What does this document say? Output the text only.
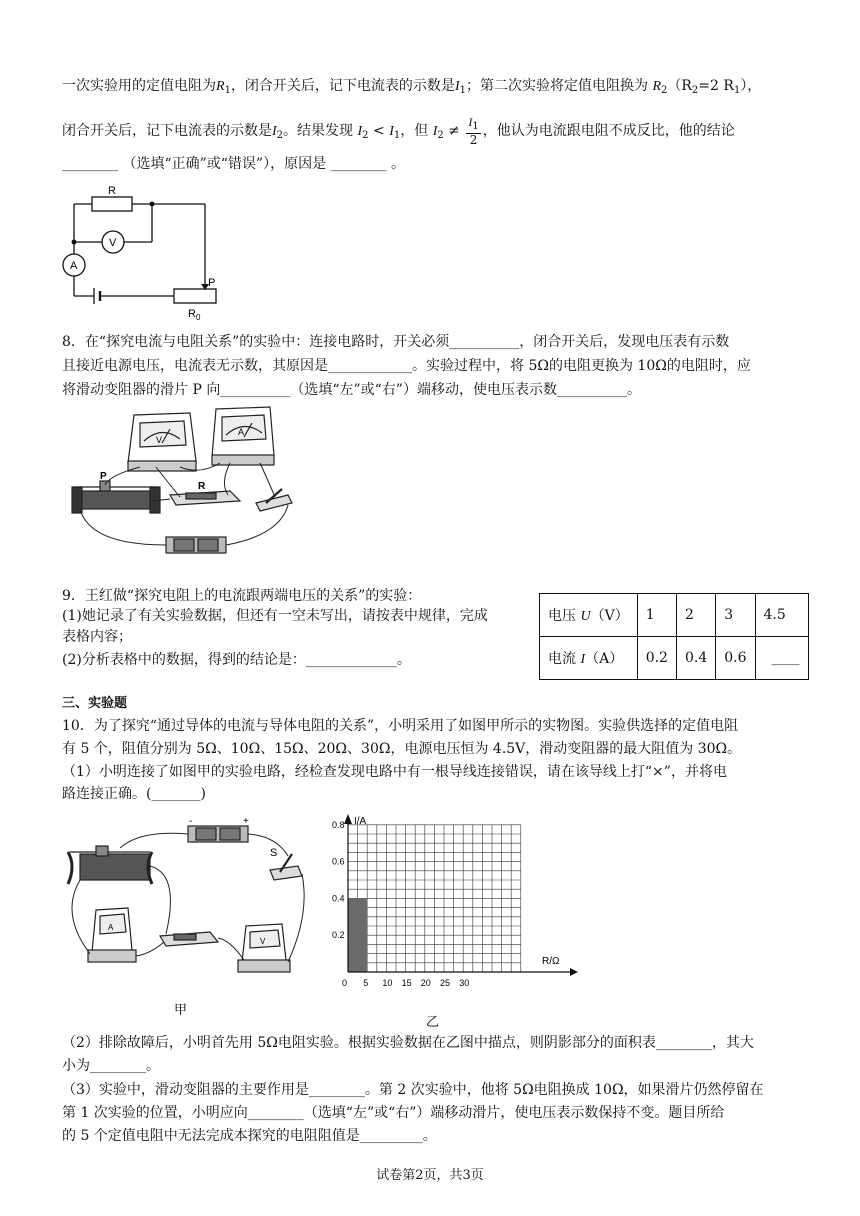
一次实验用的定值电阻为$R_1$，闭合开关后，记下电流表的示数是$I_1$；第二次实验将定值电阻换为 $R_2(R_2=2$ $R_1$），
闭合开关后，记下电流表的示数是$I_2$。结果发现 $I_2 < I_1$，但 $I_2 \ne \frac{I_1}{2}$ ，他认为电流跟电阻不成反比，他的结论
________ （选填“正确”或“错误”），原因是 ________ 。
R
V
A
P
R 0
8．在“探究电流与电阻关系”的实验中：连接电路时，开关必须__________，闭合开关后，发现电压表有示数
且接近电源电压，电流表无示数，其原因是____________。实验过程中，将 5Ω的电阻更换为 10Ω的电阻时，应
将滑动变阻器的滑片 P 向__________（选填“左”或“右”）端移动，使电压表示数__________。
V
A
R
P
9．王红做“探究电阻上的电流跟两端电压的关系”的实验：
(1)她记录了有关实验数据，但还有一空未写出，请按表中规律，完成
表格内容；
(2)分析表格中的数据，得到的结论是：_____________。
电压 U（V）	1	2	3	4.5
电流 I（A）	0.2	0.4	0.6	____
三、实验题
10．为了探究“通过导体的电流与导体电阻的关系”，小明采用了如图甲所示的实物图。实验供选择的定值电阻
有 5 个，阻值分别为 5Ω、10Ω、15Ω、20Ω、30Ω，电源电压恒为 4.5V，滑动变阻器的最大阻值为 30Ω。
（1）小明连接了如图甲的实验电路，经检查发现电路中有一根导线连接错误，请在该导线上打“×”，并将电
路连接正确。(_______)
-	+
S
A
V
甲
I/A
R/Ω
0
0.2
0.4
0.6
0.8
5 10 15 20 25 30
乙
（2）排除故障后，小明首先用 5Ω电阻实验。根据实验数据在乙图中描点，则阴影部分的面积表________，其大
小为________。
（3）实验中，滑动变阻器的主要作用是________。第 2 次实验中，他将 5Ω电阻换成 10Ω，如果滑片仍然停留在
第 1 次实验的位置，小明应向________（选填“左”或“右”）端移动滑片，使电压表示数保持不变。题目所给
的 5 个定值电阻中无法完成本探究的电阻阻值是_________。
试卷第2页，共3页
